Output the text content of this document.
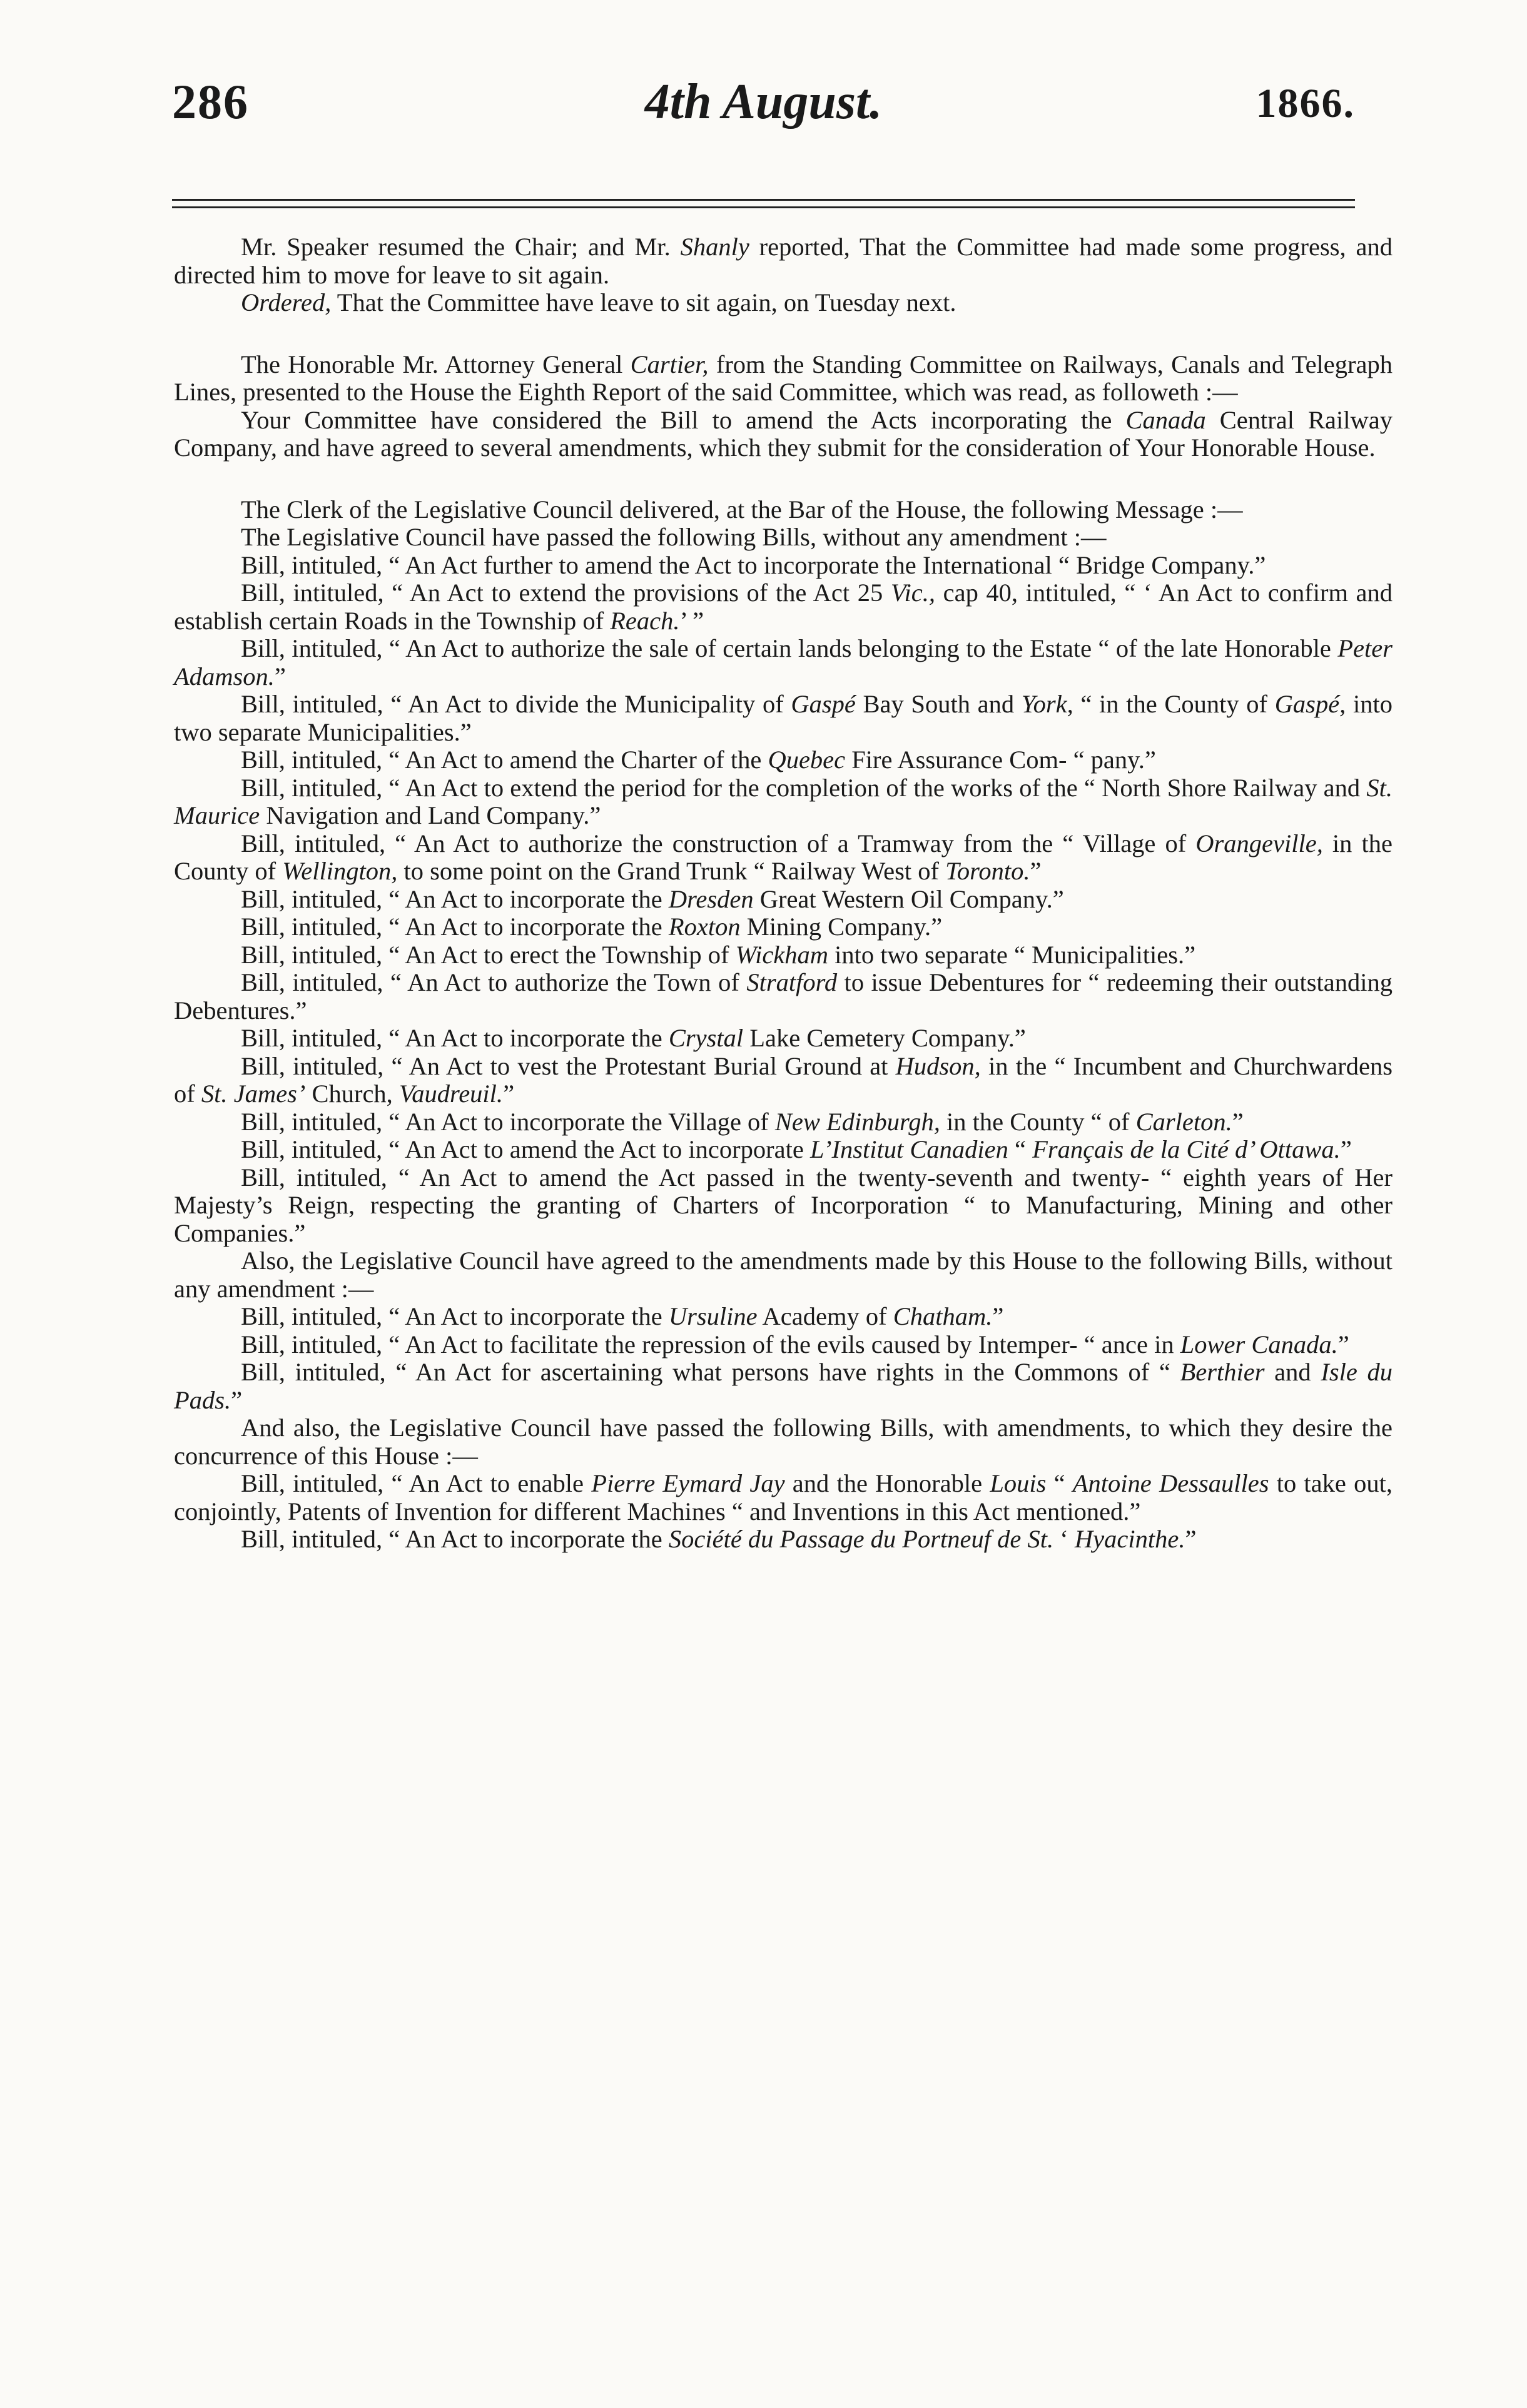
286	4th August.	1866.

Mr. Speaker resumed the Chair; and Mr. Shanly reported, That the Committee had made some progress, and directed him to move for leave to sit again.

Ordered, That the Committee have leave to sit again, on Tuesday next.

The Honorable Mr. Attorney General Cartier, from the Standing Committee on Railways, Canals and Telegraph Lines, presented to the House the Eighth Report of the said Committee, which was read, as followeth :—

Your Committee have considered the Bill to amend the Acts incorporating the Canada Central Railway Company, and have agreed to several amendments, which they submit for the consideration of Your Honorable House.

The Clerk of the Legislative Council delivered, at the Bar of the House, the following Message :—

The Legislative Council have passed the following Bills, without any amendment :—

Bill, intituled, “ An Act further to amend the Act to incorporate the International “ Bridge Company.”

Bill, intituled, “ An Act to extend the provisions of the Act 25 Vic., cap 40, intituled, “ ‘ An Act to confirm and establish certain Roads in the Township of Reach.’ ”

Bill, intituled, “ An Act to authorize the sale of certain lands belonging to the Estate “ of the late Honorable Peter Adamson.”

Bill, intituled, “ An Act to divide the Municipality of Gaspé Bay South and York, “ in the County of Gaspé, into two separate Municipalities.”

Bill, intituled, “ An Act to amend the Charter of the Quebec Fire Assurance Com- “ pany.”

Bill, intituled, “ An Act to extend the period for the completion of the works of the “ North Shore Railway and St. Maurice Navigation and Land Company.”

Bill, intituled, “ An Act to authorize the construction of a Tramway from the “ Village of Orangeville, in the County of Wellington, to some point on the Grand Trunk “ Railway West of Toronto.”

Bill, intituled, “ An Act to incorporate the Dresden Great Western Oil Company.”

Bill, intituled, “ An Act to incorporate the Roxton Mining Company.”

Bill, intituled, “ An Act to erect the Township of Wickham into two separate “ Municipalities.”

Bill, intituled, “ An Act to authorize the Town of Stratford to issue Debentures for “ redeeming their outstanding Debentures.”

Bill, intituled, “ An Act to incorporate the Crystal Lake Cemetery Company.”

Bill, intituled, “ An Act to vest the Protestant Burial Ground at Hudson, in the “ Incumbent and Churchwardens of St. James’ Church, Vaudreuil.”

Bill, intituled, “ An Act to incorporate the Village of New Edinburgh, in the County “ of Carleton.”

Bill, intituled, “ An Act to amend the Act to incorporate L’Institut Canadien “ Français de la Cité d’ Ottawa.”

Bill, intituled, “ An Act to amend the Act passed in the twenty-seventh and twenty- “ eighth years of Her Majesty’s Reign, respecting the granting of Charters of Incorporation “ to Manufacturing, Mining and other Companies.”

Also, the Legislative Council have agreed to the amendments made by this House to the following Bills, without any amendment :—

Bill, intituled, “ An Act to incorporate the Ursuline Academy of Chatham.”

Bill, intituled, “ An Act to facilitate the repression of the evils caused by Intemper- “ ance in Lower Canada.”

Bill, intituled, “ An Act for ascertaining what persons have rights in the Commons of “ Berthier and Isle du Pads.”

And also, the Legislative Council have passed the following Bills, with amendments, to which they desire the concurrence of this House :—

Bill, intituled, “ An Act to enable Pierre Eymard Jay and the Honorable Louis “ Antoine Dessaulles to take out, conjointly, Patents of Invention for different Machines “ and Inventions in this Act mentioned.”

Bill, intituled, “ An Act to incorporate the Société du Passage du Portneuf de St. ‘ Hyacinthe.”
